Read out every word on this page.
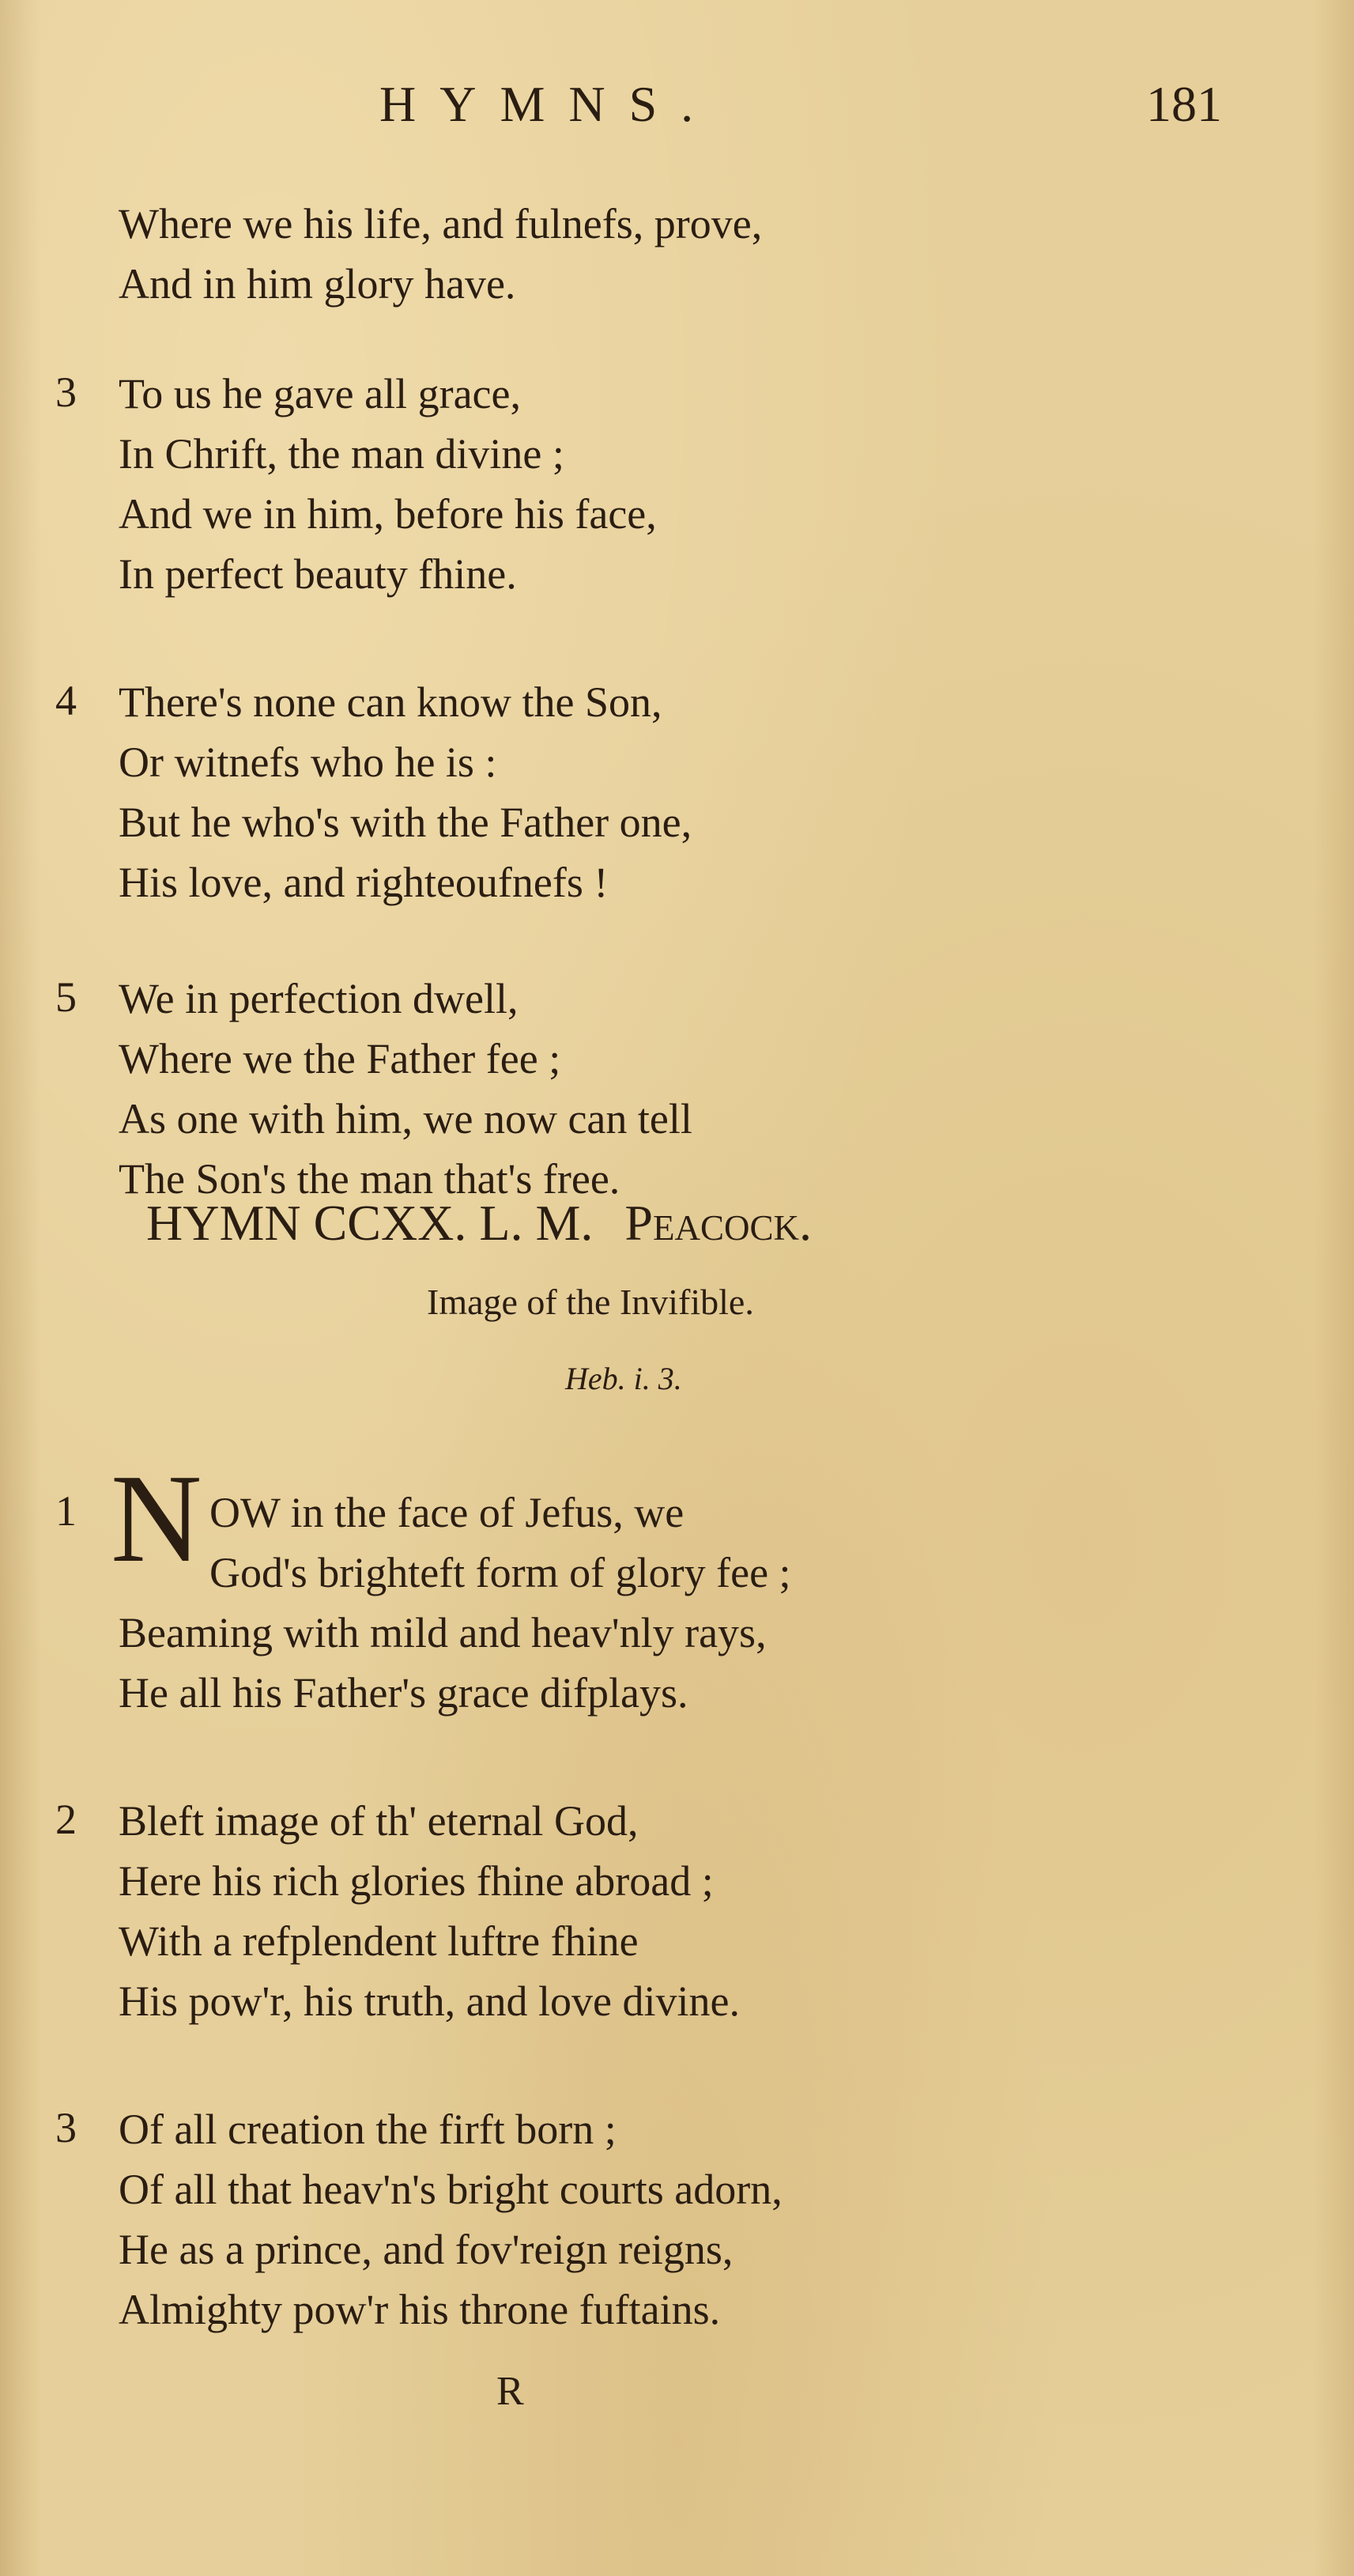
HYMNS.	181
Where we his life, and fulnefs, prove,
And in him glory have.
3 To us he gave all grace,
In Chrift, the man divine ;
And we in him, before his face,
In perfect beauty fhine.
4 There's none can know the Son,
Or witnefs who he is :
But he who's with the Father one,
His love, and righteoufnefs !
5 We in perfection dwell,
Where we the Father fee ;
As one with him, we now can tell
The Son's the man that's free.
HYMN CCXX. L. M. Peacock.
Image of the Invifible.
Heb. i. 3.
1 N OW in the face of Jefus, we
God's brighteft form of glory fee ;
Beaming with mild and heav'nly rays,
He all his Father's grace difplays.
2 Bleft image of th' eternal God,
Here his rich glories fhine abroad ;
With a refplendent luftre fhine
His pow'r, his truth, and love divine.
3 Of all creation the firft born ;
Of all that heav'n's bright courts adorn,
He as a prince, and fov'reign reigns,
Almighty pow'r his throne fuftains.
R
